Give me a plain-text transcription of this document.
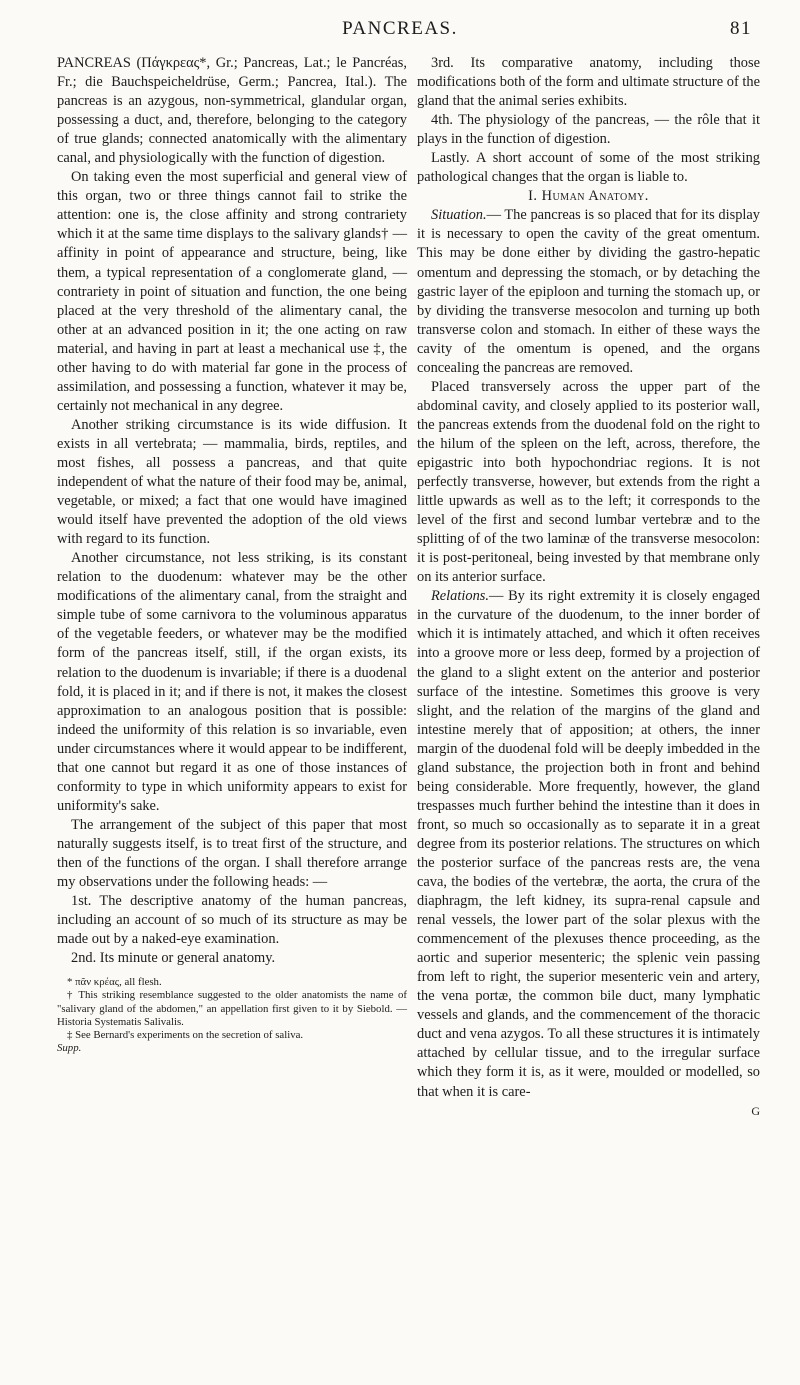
PANCREAS.	81

PANCREAS (Πάγκρεας*, Gr.; Pancreas, Lat.; le Pancréas, Fr.; die Bauchspeicheldrüse, Germ.; Pancrea, Ital.). The pancreas is an azygous, non-symmetrical, glandular organ, possessing a duct, and, therefore, belonging to the category of true glands; connected anatomically with the alimentary canal, and physiologically with the function of digestion.

On taking even the most superficial and general view of this organ, two or three things cannot fail to strike the attention: one is, the close affinity and strong contrariety which it at the same time displays to the salivary glands† — affinity in point of appearance and structure, being, like them, a typical representation of a conglomerate gland, — contrariety in point of situation and function, the one being placed at the very threshold of the alimentary canal, the other at an advanced position in it; the one acting on raw material, and having in part at least a mechanical use ‡, the other having to do with material far gone in the process of assimilation, and possessing a function, whatever it may be, certainly not mechanical in any degree.

Another striking circumstance is its wide diffusion. It exists in all vertebrata; — mammalia, birds, reptiles, and most fishes, all possess a pancreas, and that quite independent of what the nature of their food may be, animal, vegetable, or mixed; a fact that one would have imagined would itself have prevented the adoption of the old views with regard to its function.

Another circumstance, not less striking, is its constant relation to the duodenum: whatever may be the other modifications of the alimentary canal, from the straight and simple tube of some carnivora to the voluminous apparatus of the vegetable feeders, or whatever may be the modified form of the pancreas itself, still, if the organ exists, its relation to the duodenum is invariable; if there is a duodenal fold, it is placed in it; and if there is not, it makes the closest approximation to an analogous position that is possible: indeed the uniformity of this relation is so invariable, even under circumstances where it would appear to be indifferent, that one cannot but regard it as one of those instances of conformity to type in which uniformity appears to exist for uniformity's sake.

The arrangement of the subject of this paper that most naturally suggests itself, is to treat first of the structure, and then of the functions of the organ. I shall therefore arrange my observations under the following heads: —

1st. The descriptive anatomy of the human pancreas, including an account of so much of its structure as may be made out by a naked-eye examination.

2nd. Its minute or general anatomy.

* πᾶν κρέας, all flesh.

† This striking resemblance suggested to the older anatomists the name of "salivary gland of the abdomen," an appellation first given to it by Siebold. — Historia Systematis Salivalis.

‡ See Bernard's experiments on the secretion of saliva.

Supp.

3rd. Its comparative anatomy, including those modifications both of the form and ultimate structure of the gland that the animal series exhibits.

4th. The physiology of the pancreas, — the rôle that it plays in the function of digestion.

Lastly. A short account of some of the most striking pathological changes that the organ is liable to.

I. Human Anatomy.

Situation.— The pancreas is so placed that for its display it is necessary to open the cavity of the great omentum. This may be done either by dividing the gastro-hepatic omentum and depressing the stomach, or by detaching the gastric layer of the epiploon and turning the stomach up, or by dividing the transverse mesocolon and turning up both transverse colon and stomach. In either of these ways the cavity of the omentum is opened, and the organs concealing the pancreas are removed.

Placed transversely across the upper part of the abdominal cavity, and closely applied to its posterior wall, the pancreas extends from the duodenal fold on the right to the hilum of the spleen on the left, across, therefore, the epigastric into both hypochondriac regions. It is not perfectly transverse, however, but extends from the right a little upwards as well as to the left; it corresponds to the level of the first and second lumbar vertebræ and to the splitting of of the two laminæ of the transverse mesocolon: it is post-peritoneal, being invested by that membrane only on its anterior surface.

Relations.— By its right extremity it is closely engaged in the curvature of the duodenum, to the inner border of which it is intimately attached, and which it often receives into a groove more or less deep, formed by a projection of the gland to a slight extent on the anterior and posterior surface of the intestine. Sometimes this groove is very slight, and the relation of the margins of the gland and intestine merely that of apposition; at others, the inner margin of the duodenal fold will be deeply imbedded in the gland substance, the projection both in front and behind being considerable. More frequently, however, the gland trespasses much further behind the intestine than it does in front, so much so occasionally as to separate it in a great degree from its posterior relations. The structures on which the posterior surface of the pancreas rests are, the vena cava, the bodies of the vertebræ, the aorta, the crura of the diaphragm, the left kidney, its supra-renal capsule and renal vessels, the lower part of the solar plexus with the commencement of the plexuses thence proceeding, as the aortic and superior mesenteric; the splenic vein passing from left to right, the superior mesenteric vein and artery, the vena portæ, the common bile duct, many lymphatic vessels and glands, and the commencement of the thoracic duct and vena azygos. To all these structures it is intimately attached by cellular tissue, and to the irregular surface which they form it is, as it were, moulded or modelled, so that when it is care-

G
